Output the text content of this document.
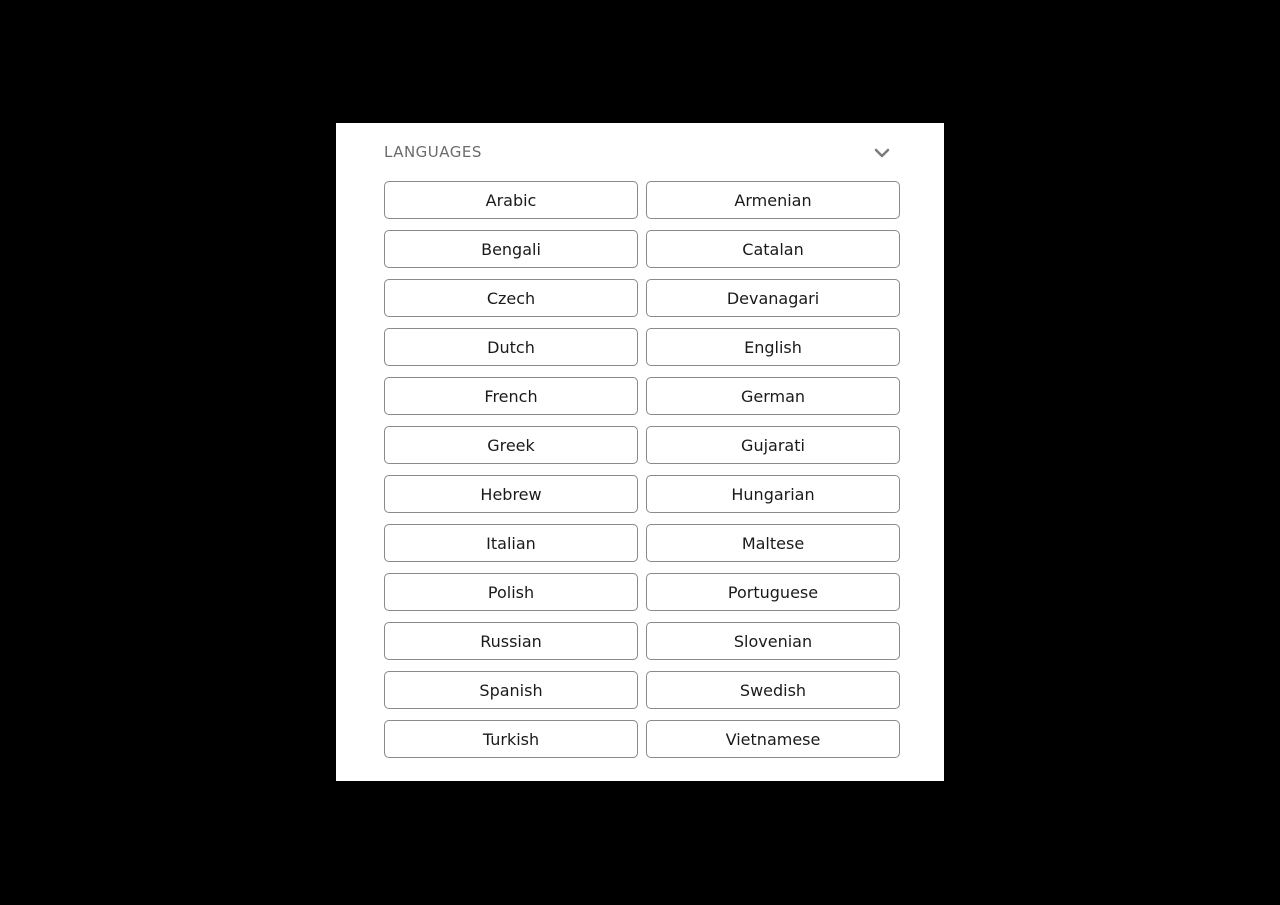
LANGUAGES
Arabic	Armenian
Bengali	Catalan
Czech	Devanagari
Dutch	English
French	German
Greek	Gujarati
Hebrew	Hungarian
Italian	Maltese
Polish	Portuguese
Russian	Slovenian
Spanish	Swedish
Turkish	Vietnamese
